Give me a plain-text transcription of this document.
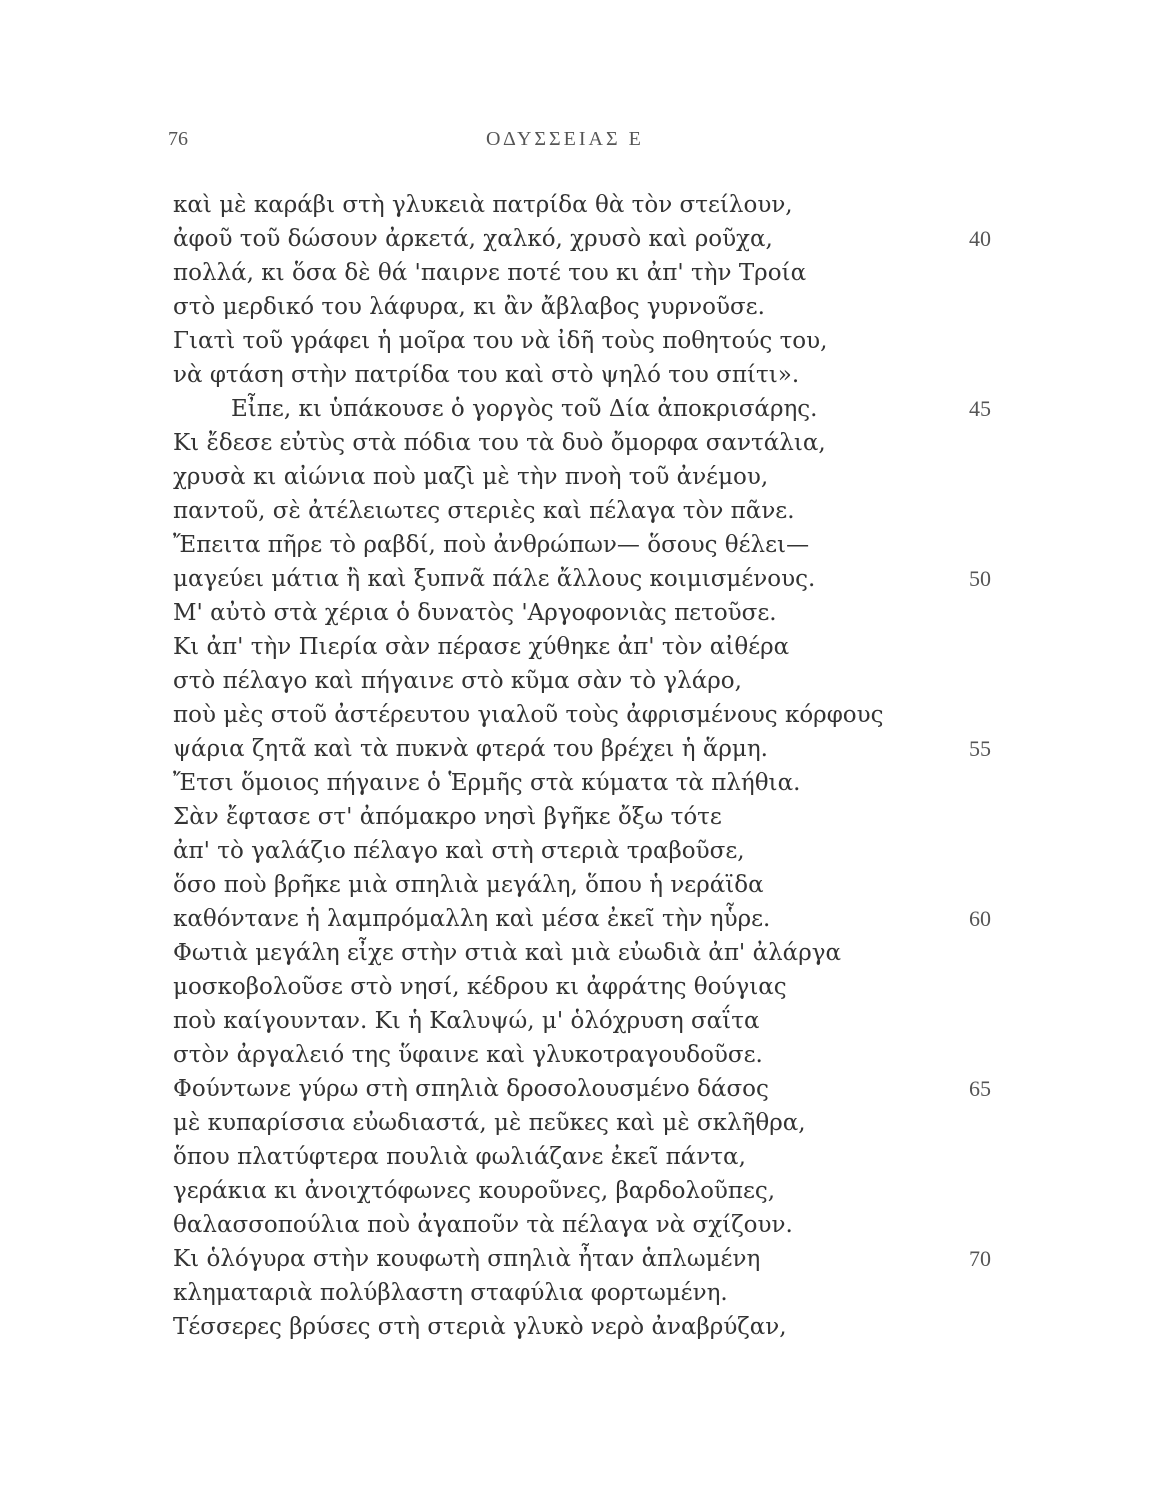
76	ΟΔΥΣΣΕΙΑΣ Ε
καὶ μὲ καράβι στὴ γλυκειὰ πατρίδα θὰ τὸν στείλουν,
ἀφοῦ τοῦ δώσουν ἀρκετά, χαλκό, χρυσὸ καὶ ροῦχα,	40
πολλά, κι ὅσα δὲ θά 'παιρνε ποτέ του κι ἀπ' τὴν Τροία
στὸ μερδικό του λάφυρα, κι ἂν ἄβλαβος γυρνοῦσε.
Γιατὶ τοῦ γράφει ἡ μοῖρα του νὰ ἰδῆ τοὺς ποθητούς του,
νὰ φτάση στὴν πατρίδα του καὶ στὸ ψηλό του σπίτι».
Εἶπε, κι ὑπάκουσε ὁ γοργὸς τοῦ Δία ἀποκρισάρης.	45
Κι ἔδεσε εὐτὺς στὰ πόδια του τὰ δυὸ ὄμορφα σαντάλια,
χρυσὰ κι αἰώνια ποὺ μαζὶ μὲ τὴν πνοὴ τοῦ ἀνέμου,
παντοῦ, σὲ ἀτέλειωτες στεριὲς καὶ πέλαγα τὸν πᾶνε.
Ἔπειτα πῆρε τὸ ραβδί, ποὺ ἀνθρώπων— ὅσους θέλει—
μαγεύει μάτια ἢ καὶ ξυπνᾶ πάλε ἄλλους κοιμισμένους.	50
Μ' αὐτὸ στὰ χέρια ὁ δυνατὸς 'Αργοφονιὰς πετοῦσε.
Κι ἀπ' τὴν Πιερία σὰν πέρασε χύθηκε ἀπ' τὸν αἰθέρα
στὸ πέλαγο καὶ πήγαινε στὸ κῦμα σὰν τὸ γλάρο,
ποὺ μὲς στοῦ ἀστέρευτου γιαλοῦ τοὺς ἀφρισμένους κόρφους
ψάρια ζητᾶ καὶ τὰ πυκνὰ φτερά του βρέχει ἡ ἅρμη.	55
Ἔτσι ὅμοιος πήγαινε ὁ Ἑρμῆς στὰ κύματα τὰ πλήθια.
Σὰν ἔφτασε στ' ἀπόμακρο νησὶ βγῆκε ὄξω τότε
ἀπ' τὸ γαλάζιο πέλαγο καὶ στὴ στεριὰ τραβοῦσε,
ὅσο ποὺ βρῆκε μιὰ σπηλιὰ μεγάλη, ὅπου ἡ νεράϊδα
καθόντανε ἡ λαμπρόμαλλη καὶ μέσα ἐκεῖ τὴν ηὗρε.	60
Φωτιὰ μεγάλη εἶχε στὴν στιὰ καὶ μιὰ εὐωδιὰ ἀπ' ἀλάργα
μοσκοβολοῦσε στὸ νησί, κέδρου κι ἀφράτης θούγιας
ποὺ καίγουνταν. Κι ἡ Καλυψώ, μ' ὁλόχρυση σαΐτα
στὸν ἀργαλειό της ὕφαινε καὶ γλυκοτραγουδοῦσε.
Φούντωνε γύρω στὴ σπηλιὰ δροσολουσμένο δάσος	65
μὲ κυπαρίσσια εὐωδιαστά, μὲ πεῦκες καὶ μὲ σκλῆθρα,
ὅπου πλατύφτερα πουλιὰ φωλιάζανε ἐκεῖ πάντα,
γεράκια κι ἀνοιχτόφωνες κουροῦνες, βαρδολοῦπες,
θαλασσοπούλια ποὺ ἀγαποῦν τὰ πέλαγα νὰ σχίζουν.
Κι ὁλόγυρα στὴν κουφωτὴ σπηλιὰ ἦταν ἁπλωμένη	70
κληματαριὰ πολύβλαστη σταφύλια φορτωμένη.
Τέσσερες βρύσες στὴ στεριὰ γλυκὸ νερὸ ἀναβρύζαν,
